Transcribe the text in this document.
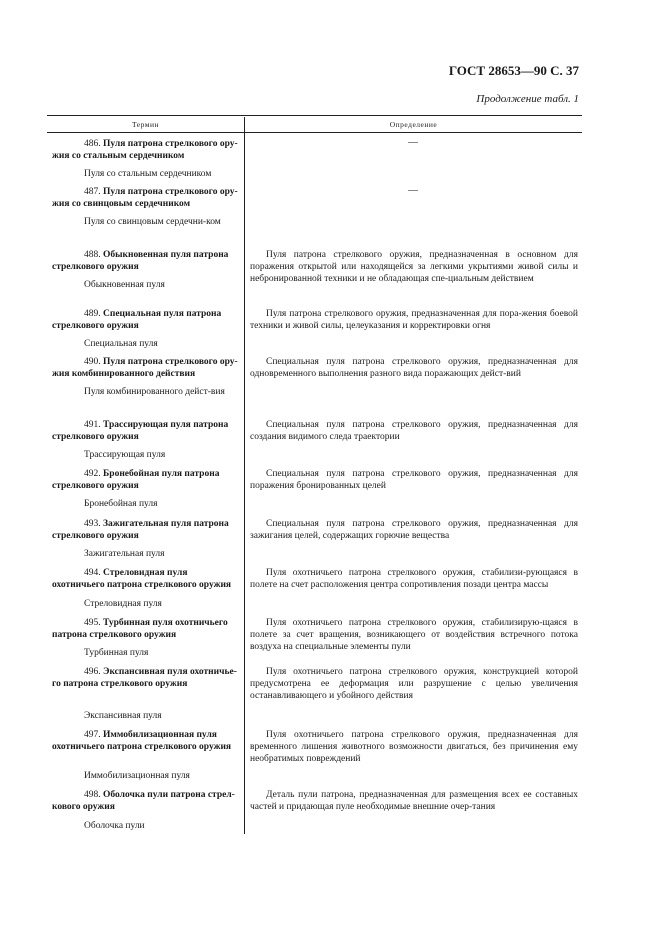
ГОСТ 28653—90 С. 37
Продолжение табл. 1
Термин	Определение
486. Пуля патрона стрелкового ору-жия со стальным сердечником
Пуля со стальным сердечником
—
487. Пуля патрона стрелкового ору-жия со свинцовым сердечником
Пуля со свинцовым сердечни-ком
—
488. Обыкновенная пуля патрона стрелкового оружия
Обыкновенная пуля
Пуля патрона стрелкового оружия, предназначенная в основном для поражения открытой или находящейся за легкими укрытиями живой силы и небронированной техники и не обладающая спе-циальным действием
489. Специальная пуля патрона стрелкового оружия
Специальная пуля
Пуля патрона стрелкового оружия, предназначенная для пора-жения боевой техники и живой силы, целеуказания и корректировки огня
490. Пуля патрона стрелкового ору-жия комбинированного действия
Пуля комбинированного дейст-вия
Специальная пуля патрона стрелкового оружия, предназначенная для одновременного выполнения разного вида поражающих дейст-вий
491. Трассирующая пуля патрона стрелкового оружия
Трассирующая пуля
Специальная пуля патрона стрелкового оружия, предназначенная для создания видимого следа траектории
492. Бронебойная пуля патрона стрелкового оружия
Бронебойная пуля
Специальная пуля патрона стрелкового оружия, предназначенная для поражения бронированных целей
493. Зажигательная пуля патрона стрелкового оружия
Зажигательная пуля
Специальная пуля патрона стрелкового оружия, предназначенная для зажигания целей, содержащих горючие вещества
494. Стреловидная пуля охотничьего патрона стрелкового оружия
Стреловидная пуля
Пуля охотничьего патрона стрелкового оружия, стабилизи-рующаяся в полете на счет расположения центра сопротивления позади центра массы
495. Турбинная пуля охотничьего патрона стрелкового оружия
Турбинная пуля
Пуля охотничьего патрона стрелкового оружия, стабилизирую-щаяся в полете за счет вращения, возникающего от воздействия встречного потока воздуха на специальные элементы пули
496. Экспансивная пуля охотничье-го патрона стрелкового оружия
Экспансивная пуля
Пуля охотничьего патрона стрелкового оружия, конструкцией которой предусмотрена ее деформация или разрушение с целью увеличения останавливающего и убойного действия
497. Иммобилизационная пуля охотничьего патрона стрелкового оружия
Иммобилизационная пуля
Пуля охотничьего патрона стрелкового оружия, предназначенная для временного лишения животного возможности двигаться, без причинения ему необратимых повреждений
498. Оболочка пули патрона стрел-кового оружия
Оболочка пули
Деталь пули патрона, предназначенная для размещения всех ее составных частей и придающая пуле необходимые внешние очер-тания
